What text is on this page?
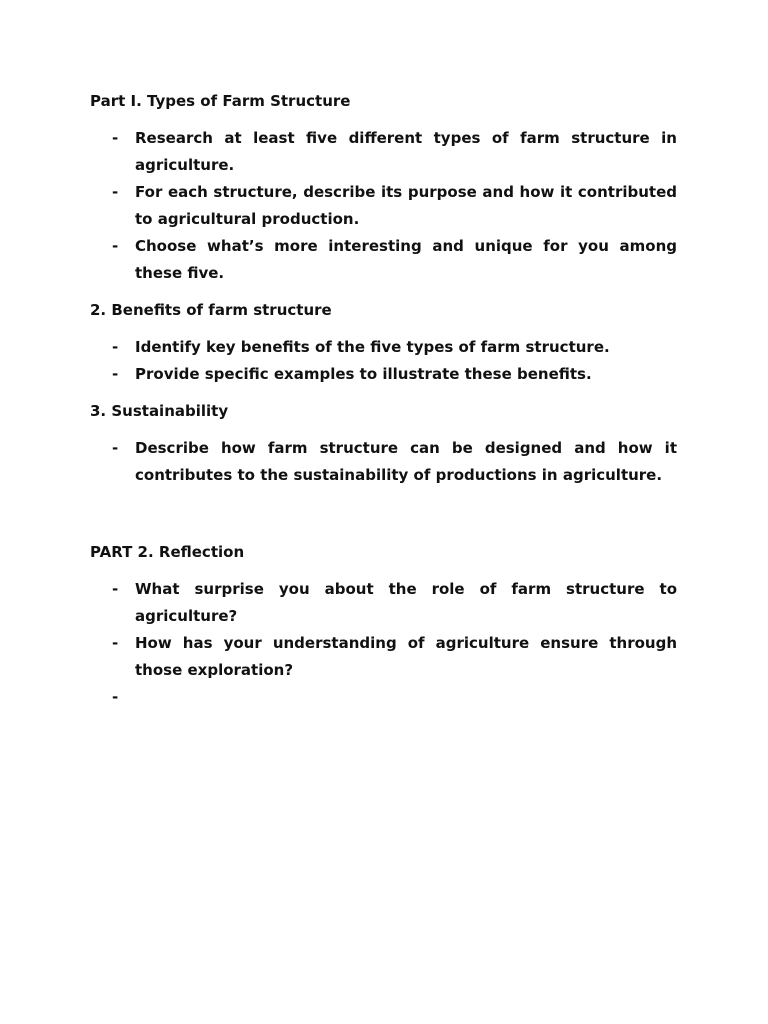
Part I. Types of Farm Structure

- Research at least five different types of farm structure in agriculture.
- For each structure, describe its purpose and how it contributed to agricultural production.
- Choose what’s more interesting and unique for you among these five.

2. Benefits of farm structure

- Identify key benefits of the five types of farm structure.
- Provide specific examples to illustrate these benefits.

3. Sustainability

- Describe how farm structure can be designed and how it contributes to the sustainability of productions in agriculture.

PART 2. Reflection

- What surprise you about the role of farm structure to agriculture?
- How has your understanding of agriculture ensure through those exploration?
-
